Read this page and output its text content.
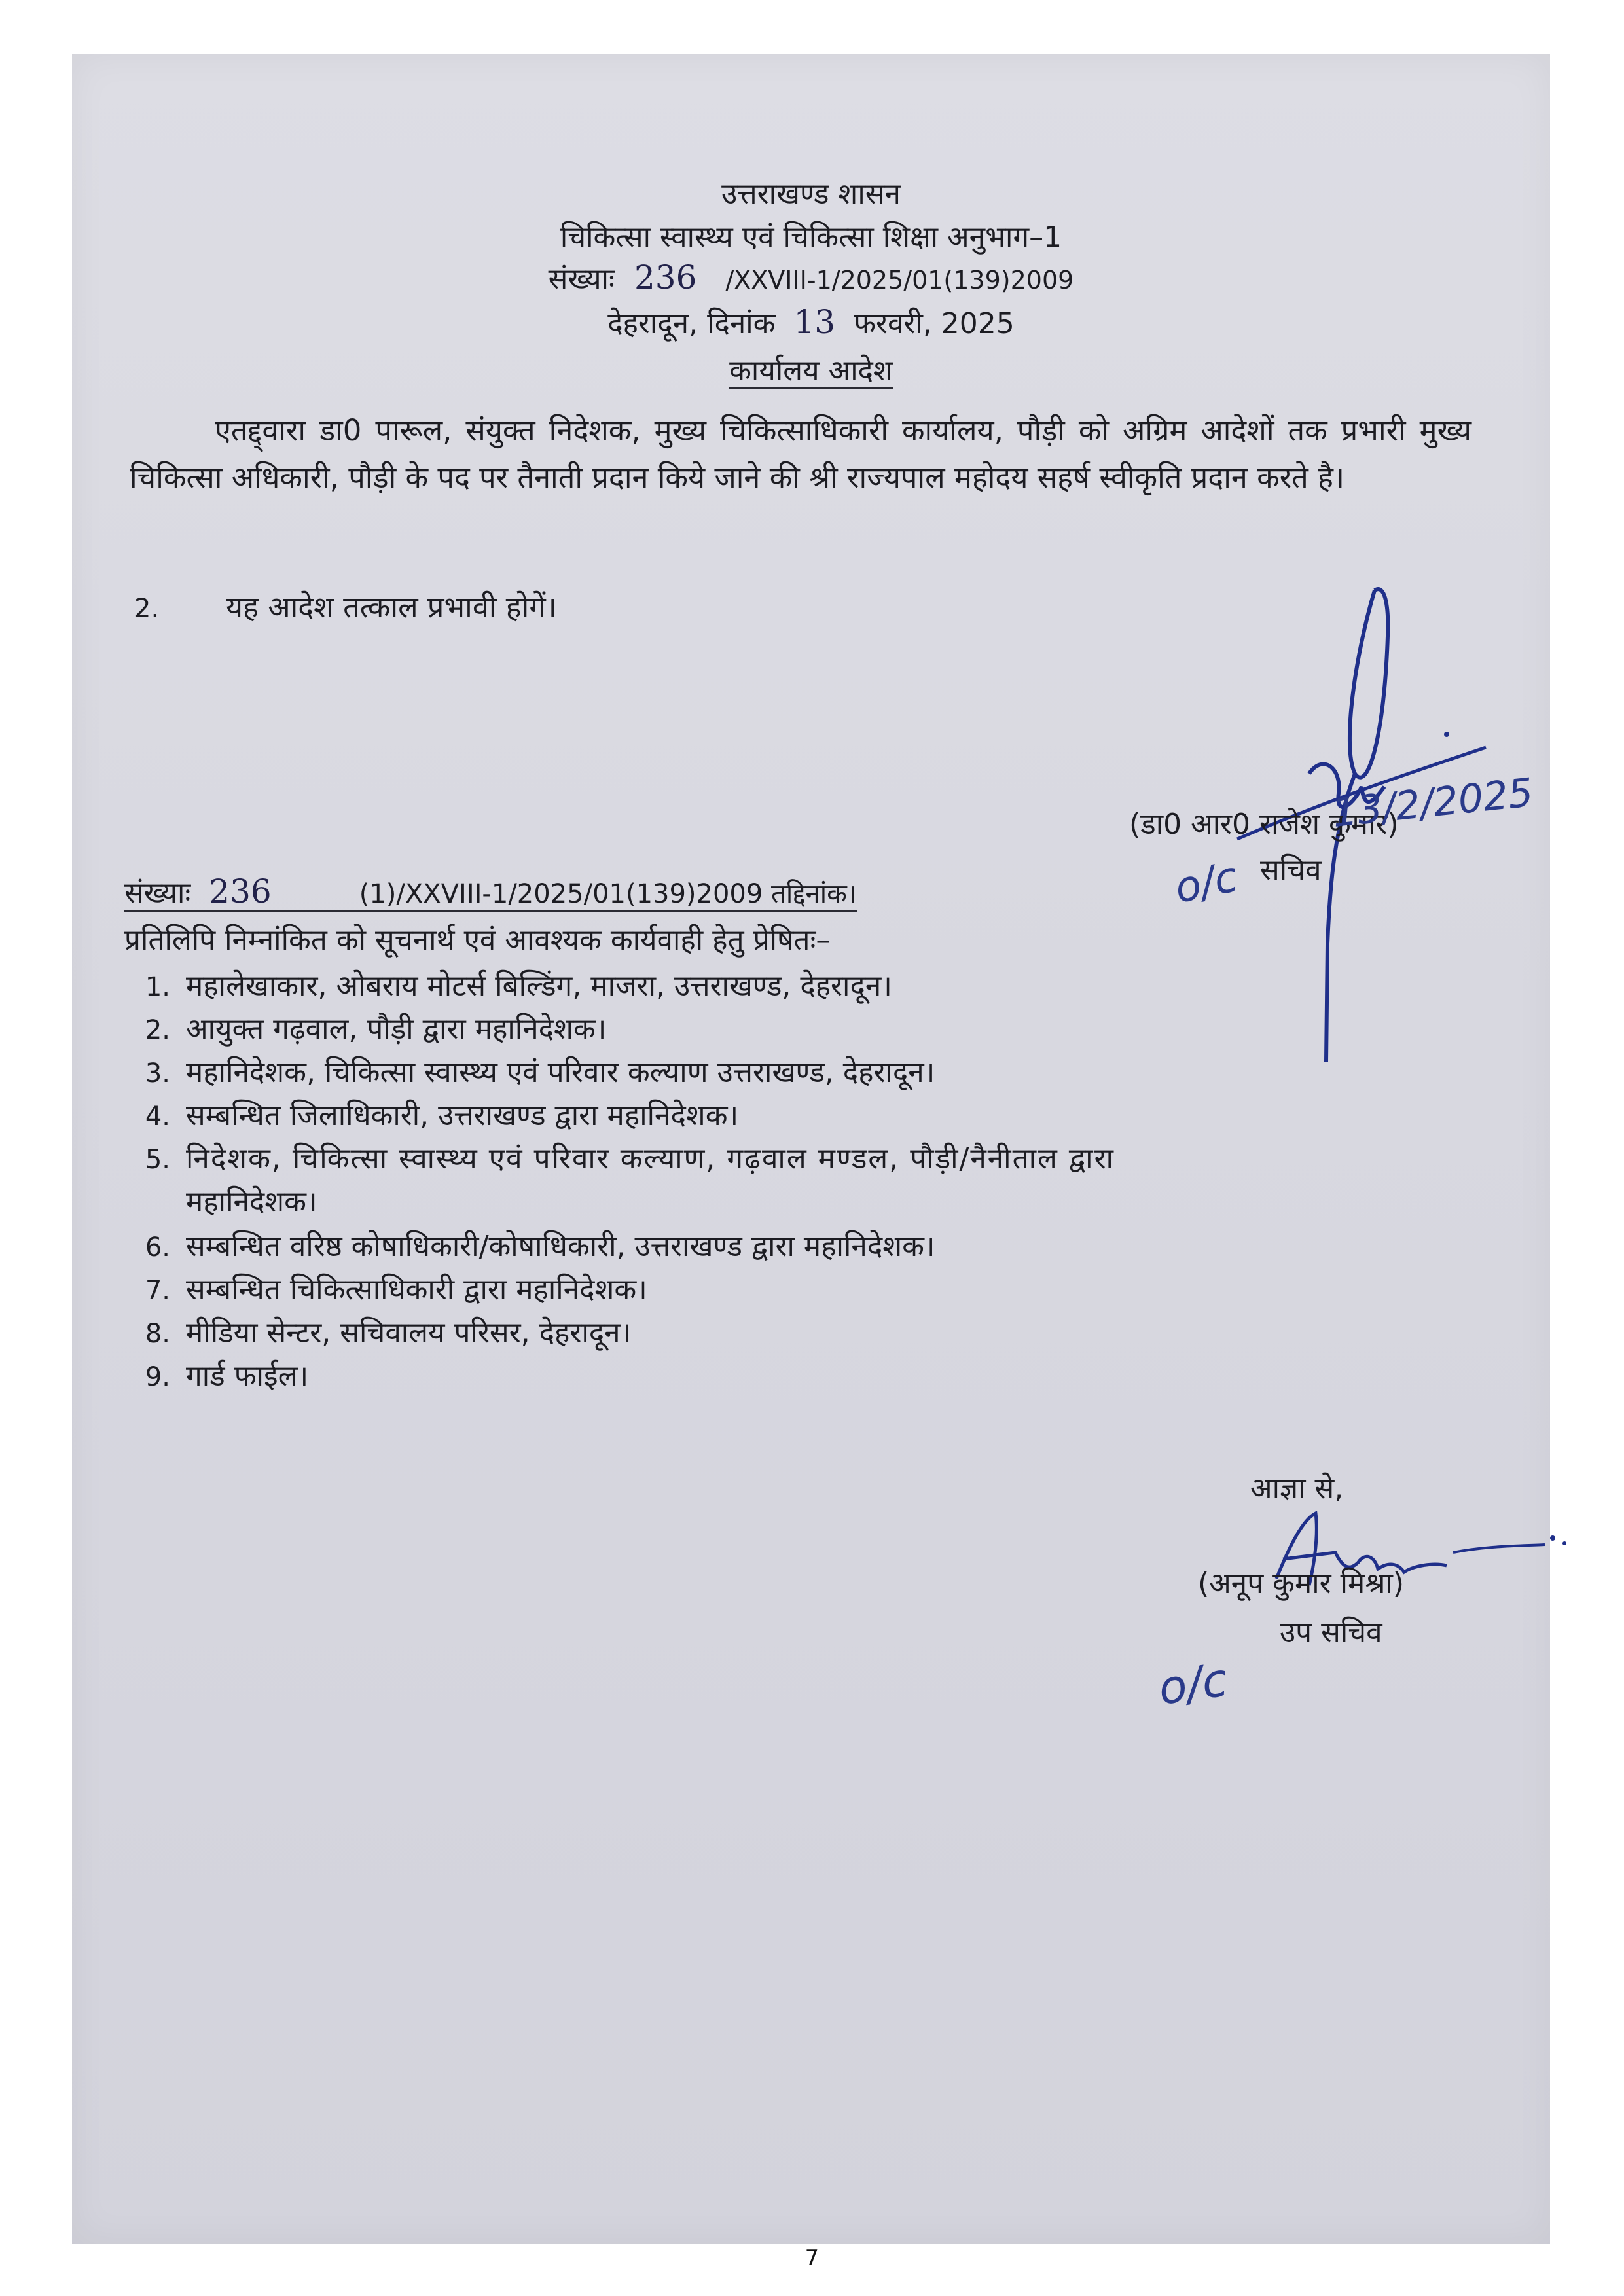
उत्तराखण्ड शासन
चिकित्सा स्वास्थ्य एवं चिकित्सा शिक्षा अनुभाग–1
संख्याः 236 /XXVIII-1/2025/01(139)2009
देहरादून, दिनांक 13 फरवरी, 2025
कार्यालय आदेश
एतद्द्वारा डा0 पारूल, संयुक्त निदेशक, मुख्य चिकित्साधिकारी कार्यालय, पौड़ी को अग्रिम आदेशों तक प्रभारी मुख्य चिकित्सा अधिकारी, पौड़ी के पद पर तैनाती प्रदान किये जाने की श्री राज्यपाल महोदय सहर्ष स्वीकृति प्रदान करते है।
2. यह आदेश तत्काल प्रभावी होगें।
(डा0 आर0 राजेश कुमार)
13/2/2025
सचिव
o/c
संख्याः 236	(1)/XXVIII-1/2025/01(139)2009 तद्दिनांक।
प्रतिलिपि निम्नांकित को सूचनार्थ एवं आवश्यक कार्यवाही हेतु प्रेषितः–
1. महालेखाकार, ओबराय मोटर्स बिल्डिंग, माजरा, उत्तराखण्ड, देहरादून।
2. आयुक्त गढ़वाल, पौड़ी द्वारा महानिदेशक।
3. महानिदेशक, चिकित्सा स्वास्थ्य एवं परिवार कल्याण उत्तराखण्ड, देहरादून।
4. सम्बन्धित जिलाधिकारी, उत्तराखण्ड द्वारा महानिदेशक।
5. निदेशक, चिकित्सा स्वास्थ्य एवं परिवार कल्याण, गढ़वाल मण्डल, पौड़ी/नैनीताल द्वारा
महानिदेशक।
6. सम्बन्धित वरिष्ठ कोषाधिकारी/कोषाधिकारी, उत्तराखण्ड द्वारा महानिदेशक।
7. सम्बन्धित चिकित्साधिकारी द्वारा महानिदेशक।
8. मीडिया सेन्टर, सचिवालय परिसर, देहरादून।
9. गार्ड फाईल।
आज्ञा से,
(अनूप कुमार मिश्रा)
उप सचिव
o/c
7
